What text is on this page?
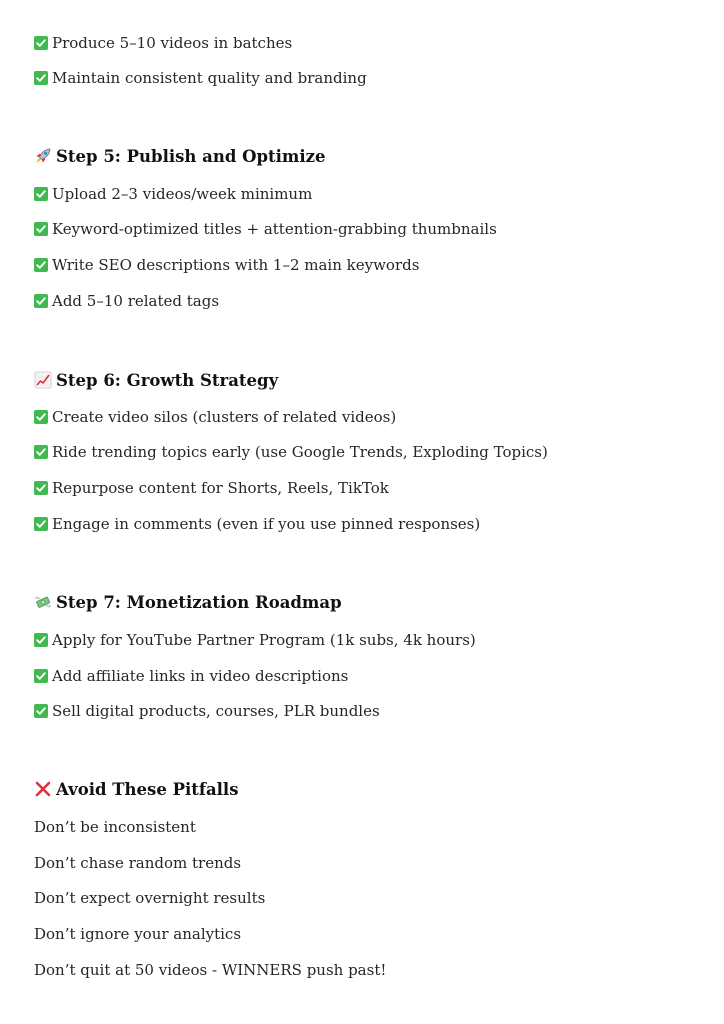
Produce 5–10 videos in batches
Maintain consistent quality and branding
Step 5: Publish and Optimize
Upload 2–3 videos/week minimum
Keyword-optimized titles + attention-grabbing thumbnails
Write SEO descriptions with 1–2 main keywords
Add 5–10 related tags
Step 6: Growth Strategy
Create video silos (clusters of related videos)
Ride trending topics early (use Google Trends, Exploding Topics)
Repurpose content for Shorts, Reels, TikTok
Engage in comments (even if you use pinned responses)
Step 7: Monetization Roadmap
Apply for YouTube Partner Program (1k subs, 4k hours)
Add affiliate links in video descriptions
Sell digital products, courses, PLR bundles
Avoid These Pitfalls
Don’t be inconsistent
Don’t chase random trends
Don’t expect overnight results
Don’t ignore your analytics
Don’t quit at 50 videos - WINNERS push past!
